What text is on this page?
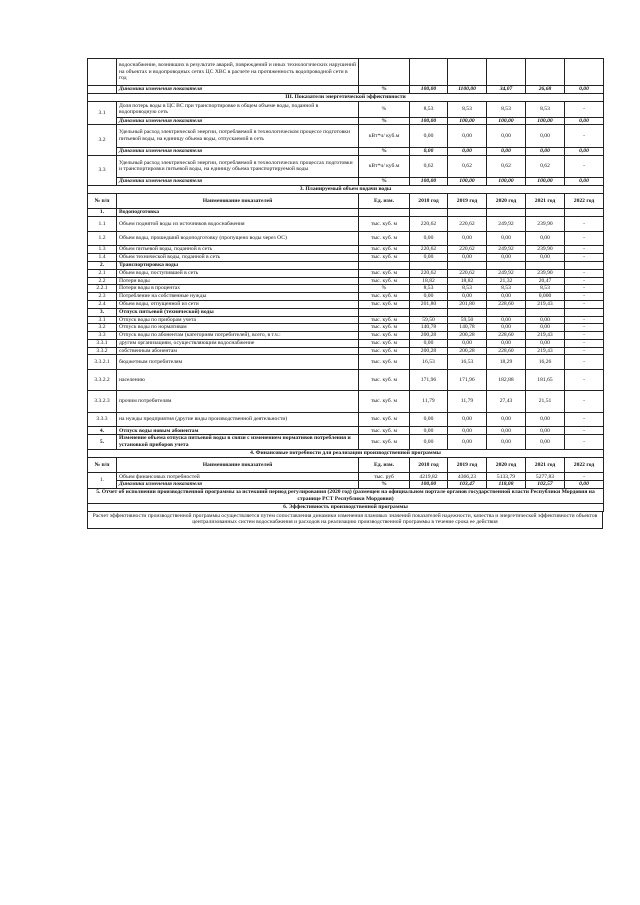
	водоснабжение, возникших в результате аварий, повреждений и иных технологических нарушений на объектах и водопроводных сетях ЦС ХВС в расчете на протяженность водопроводной сети в год						
	Динамика изменения показателя	%	100,00	1100,00	34,07	26,68	0,00
III. Показатели энергетической эффективности							
3.1	Доля потерь воды в ЦС ВС при транспортировке в общем объеме воды, поданной в водопроводную сеть	%	8,53	8,53	8,53	8,53	-
	Динамика изменения показателя	%	100,00	100,00	100,00	100,00	0,00
3.2	Удельный расход электрической энергии, потребляемой в технологическом процессе подготовки питьевой воды, на единицу объема воды, отпускаемой в сеть	кВт*ч/ куб.м	0,00	0,00	0,00	0,00	-
	Динамика изменения показателя	%	0,00	0,00	0,00	0,00	0,00
3.3	Удельный расход электрической энергии, потребляемой в технологических процессах подготовки и транспортировки питьевой воды, на единицу объема транспортируемой воды	кВт*ч/ куб.м	0,62	0,62	0,62	0,62	-
	Динамика изменения показателя	%	100,00	100,00	100,00	100,00	0,00
3. Планируемый объем подачи воды							
№ п/п	Наименование показателей	Ед. изм.	2018 год	2019 год	2020 год	2021 год	2022 год
1.	Водоподготовка						
1.1	Объем поднятой воды из источников водоснабжения	тыс. куб. м	220,62	220,62	249,92	239,90	-
1.2	Объем воды, прошедший водоподготовку (пропущено воды через ОС)	тыс. куб. м	0,00	0,00	0,00	0,00	-
1.3	Объем питьевой воды, поданной в сеть	тыс. куб. м	220,62	220,62	249,92	239,90	-
1.4	Объем технической воды, поданной в сеть	тыс. куб. м	0,00	0,00	0,00	0,00	-
2.	Транспортировка воды						
2.1	Объем воды, поступившей в сеть	тыс. куб. м	220,62	220,62	249,92	239,90	-
2.2	Потери воды	тыс. куб. м	18,82	18,82	21,32	20,47	-
2.2.1	Потери воды в процентах	%	8,53	8,53	8,53	8,53	-
2.3	Потребление на собственные нужды	тыс. куб. м	0,00	0,00	0,00	0,000	-
2.4	Объем воды, отпущенной из сети	тыс. куб. м	201,80	201,80	228,60	219,43	-
3.	Отпуск питьевой (технической) воды						
3.1	Отпуск воды по приборам учета	тыс. куб. м	59,50	59,50	0,00	0,00	-
3.2	Отпуск воды по нормативам	тыс. куб. м	140,78	140,78	0,00	0,00	-
3.3	Отпуск воды по абонентам (категориям потребителей), всего, в т.ч.:	тыс. куб. м	200,28	200,28	228,60	219,43	-
3.3.1	другим организациям, осуществляющим водоснабжение	тыс. куб. м	0,00	0,00	0,00	0,00	-
3.3.2	собственным абонентам	тыс. куб. м	200,28	200,28	228,60	219,43	-
3.3.2.1	бюджетным потребителям	тыс. куб. м	16,53	16,53	18,29	16,26	-
3.3.2.2	населению	тыс. куб. м	171,96	171,96	182,88	181,65	-
3.3.2.3	прочим потребителям	тыс. куб. м	11,79	11,79	27,43	21,51	-
3.3.3	на нужды предприятия (другие виды производственной деятельности)	тыс. куб. м	0,00	0,00	0,00	0,00	-
4.	Отпуск воды новым абонентам	тыс. куб. м	0,00	0,00	0,00	0,00	-
5.	Изменение объема отпуска питьевой воды в связи с изменением нормативов потребления и установкой приборов учета	тыс. куб. м	0,00	0,00	0,00	0,00	-
4. Финансовые потребности для реализации производственной программы							
№ п/п	Наименование показателей	Ед. изм.	2018 год	2019 год	2020 год	2021 год	2022 год
1.	Объем финансовых потребностей	тыс. руб	4219,82	4366,23	5133,79	5277,83	-
	Динамика изменения показателя	%	100,00	103,47	118,08	102,57	0,00
5. Отчет об исполнении производственной программы за истекший период регулирования (2020 год) (размещен на официальном портале органов государственной власти Республики Мордовия на странице РСТ Республики Мордовия)							
6. Эффективность производственной программы							
Расчет эффективности производственной программы осуществляется путем сопоставления динамики изменения плановых значений показателей надежности, качества и энергетической эффективности объектов централизованных систем водоснабжения и расходов на реализацию производственной программы в течение срока ее действия
